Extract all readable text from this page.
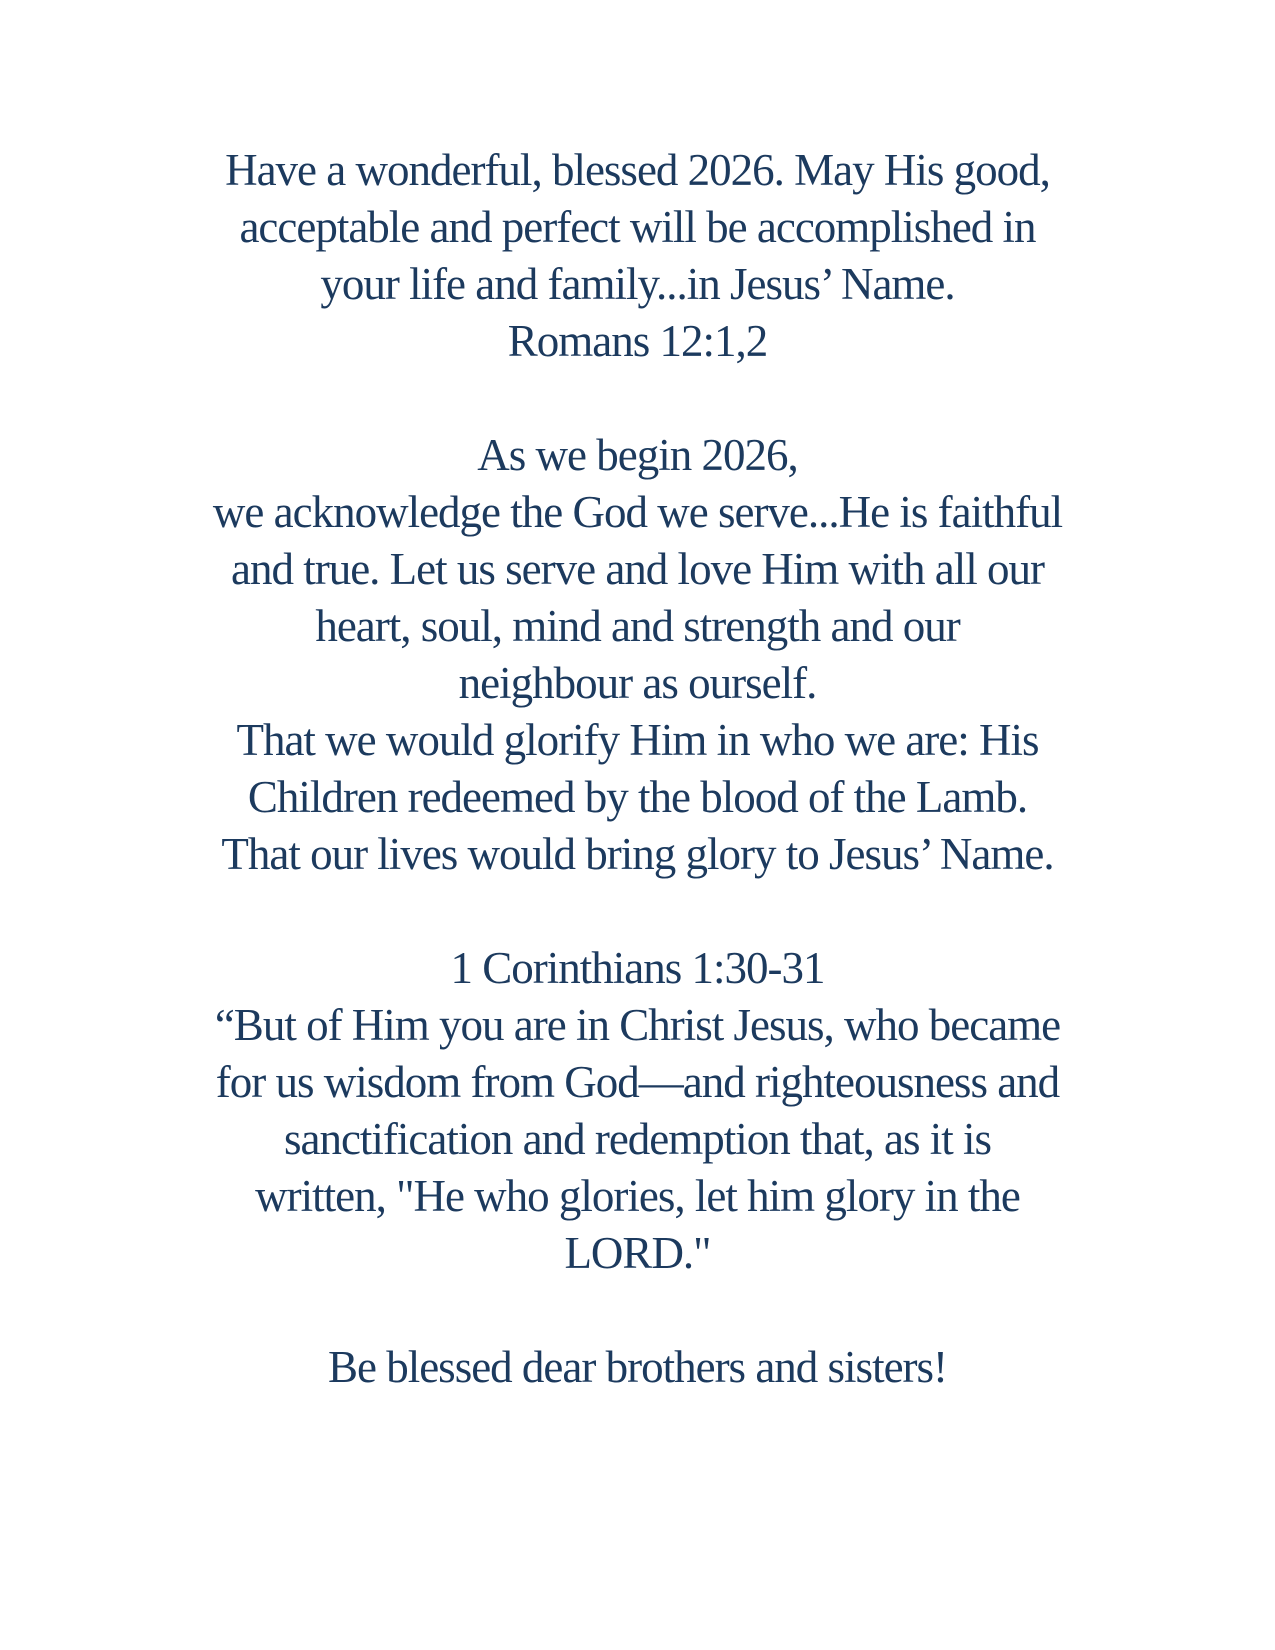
Have a wonderful, blessed 2026. May His good,
acceptable and perfect will be accomplished in
your life and family...in Jesus’ Name.
Romans 12:1,2
As we begin 2026,
we acknowledge the God we serve...He is faithful
and true. Let us serve and love Him with all our
heart, soul, mind and strength and our
neighbour as ourself.
That we would glorify Him in who we are: His
Children redeemed by the blood of the Lamb.
That our lives would bring glory to Jesus’ Name.
1 Corinthians 1:30-31
“But of Him you are in Christ Jesus, who became
for us wisdom from God—and righteousness and
sanctification and redemption that, as it is
written, "He who glories, let him glory in the
LORD."
Be blessed dear brothers and sisters!
